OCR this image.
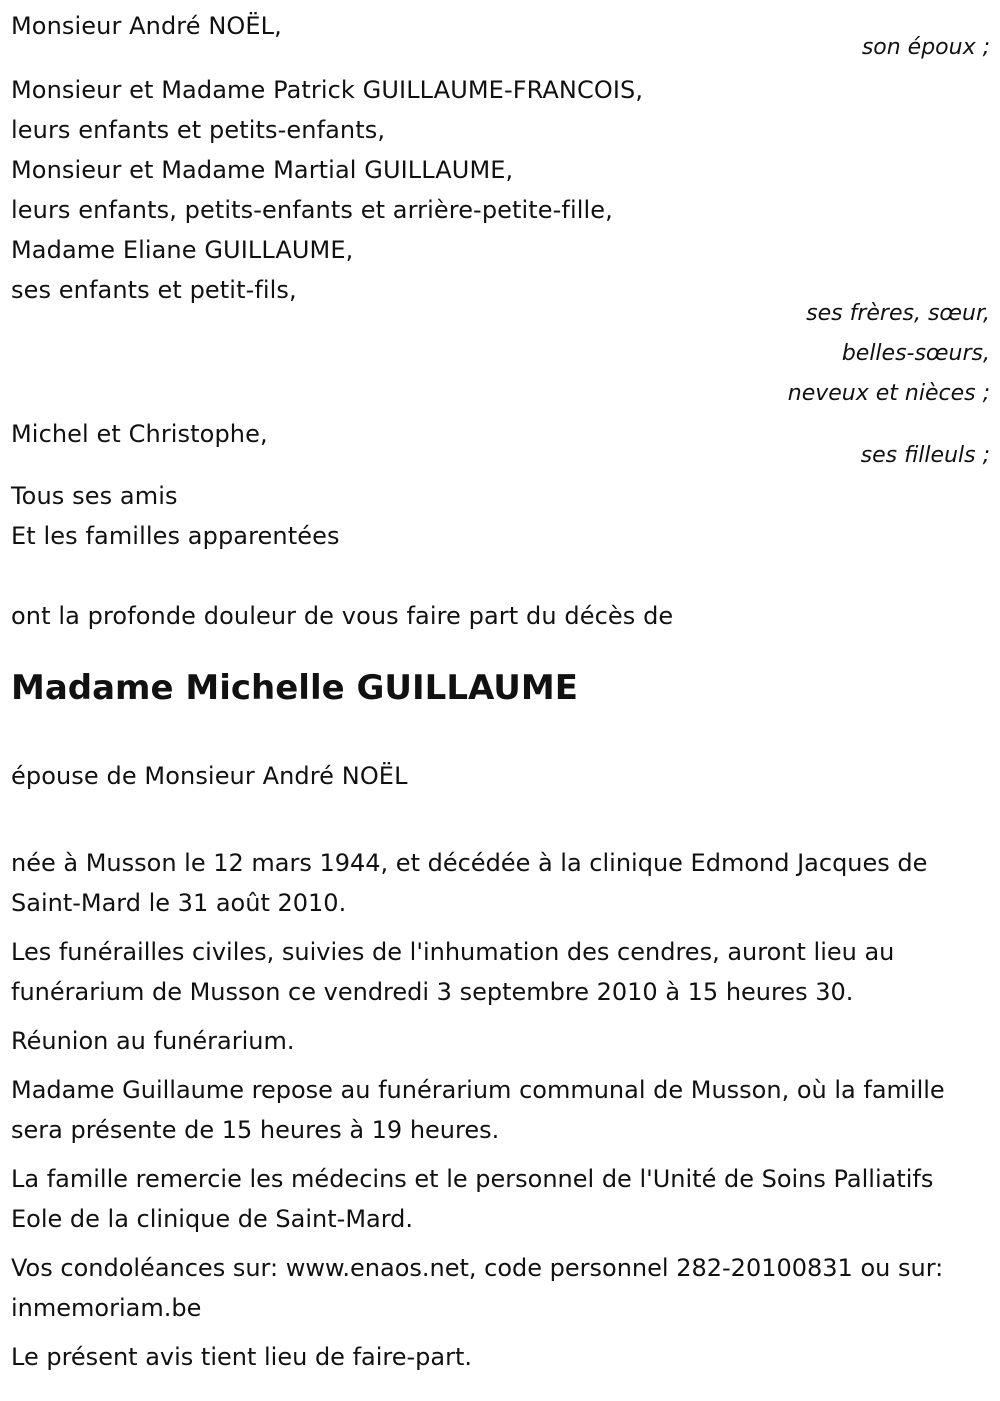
Monsieur André NOËL,
son époux ;
Monsieur et Madame Patrick GUILLAUME-FRANCOIS,
leurs enfants et petits-enfants,
Monsieur et Madame Martial GUILLAUME,
leurs enfants, petits-enfants et arrière-petite-fille,
Madame Eliane GUILLAUME,
ses enfants et petit-fils,
ses frères, sœur,
belles-sœurs,
neveux et nièces ;
Michel et Christophe,
ses filleuls ;
Tous ses amis
Et les familles apparentées
ont la profonde douleur de vous faire part du décès de
Madame Michelle GUILLAUME
épouse de Monsieur André NOËL
née à Musson le 12 mars 1944, et décédée à la clinique Edmond Jacques de Saint-Mard le 31 août 2010.
Les funérailles civiles, suivies de l'inhumation des cendres, auront lieu au funérarium de Musson ce vendredi 3 septembre 2010 à 15 heures 30.
Réunion au funérarium.
Madame Guillaume repose au funérarium communal de Musson, où la famille sera présente de 15 heures à 19 heures.
La famille remercie les médecins et le personnel de l'Unité de Soins Palliatifs Eole de la clinique de Saint-Mard.
Vos condoléances sur: www.enaos.net, code personnel 282-20100831 ou sur: inmemoriam.be
Le présent avis tient lieu de faire-part.
